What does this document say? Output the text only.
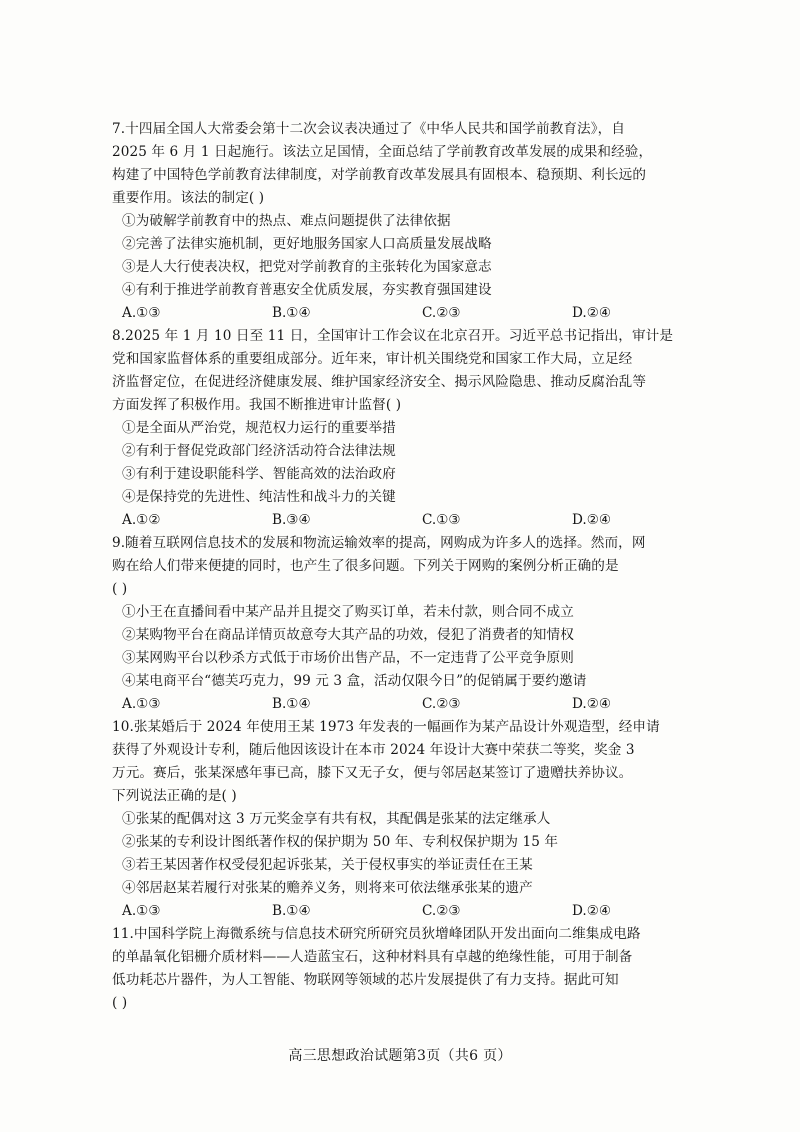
7.十四届全国人大常委会第十二次会议表决通过了《中华人民共和国学前教育法》，自
2025 年 6 月 1 日起施行。该法立足国情，全面总结了学前教育改革发展的成果和经验，
构建了中国特色学前教育法律制度，对学前教育改革发展具有固根本、稳预期、利长远的
重要作用。该法的制定( )
①为破解学前教育中的热点、难点问题提供了法律依据
②完善了法律实施机制，更好地服务国家人口高质量发展战略
③是人大行使表决权，把党对学前教育的主张转化为国家意志
④有利于推进学前教育普惠安全优质发展，夯实教育强国建设
A.①③	B.①④	C.②③	D.②④
8.2025 年 1 月 10 日至 11 日，全国审计工作会议在北京召开。习近平总书记指出，审计是
党和国家监督体系的重要组成部分。近年来，审计机关围绕党和国家工作大局，立足经
济监督定位，在促进经济健康发展、维护国家经济安全、揭示风险隐患、推动反腐治乱等
方面发挥了积极作用。我国不断推进审计监督( )
①是全面从严治党，规范权力运行的重要举措
②有利于督促党政部门经济活动符合法律法规
③有利于建设职能科学、智能高效的法治政府
④是保持党的先进性、纯洁性和战斗力的关键
A.①②	B.③④	C.①③	D.②④
9.随着互联网信息技术的发展和物流运输效率的提高，网购成为许多人的选择。然而，网
购在给人们带来便捷的同时，也产生了很多问题。下列关于网购的案例分析正确的是
( )
①小王在直播间看中某产品并且提交了购买订单，若未付款，则合同不成立
②某购物平台在商品详情页故意夸大其产品的功效，侵犯了消费者的知情权
③某网购平台以秒杀方式低于市场价出售产品，不一定违背了公平竞争原则
④某电商平台“德芙巧克力，99 元 3 盒，活动仅限今日”的促销属于要约邀请
A.①③	B.①④	C.②③	D.②④
10.张某婚后于 2024 年使用王某 1973 年发表的一幅画作为某产品设计外观造型，经申请
获得了外观设计专利，随后他因该设计在本市 2024 年设计大赛中荣获二等奖，奖金 3
万元。赛后，张某深感年事已高，膝下又无子女，便与邻居赵某签订了遗赠扶养协议。
下列说法正确的是( )
①张某的配偶对这 3 万元奖金享有共有权，其配偶是张某的法定继承人
②张某的专利设计图纸著作权的保护期为 50 年、专利权保护期为 15 年
③若王某因著作权受侵犯起诉张某，关于侵权事实的举证责任在王某
④邻居赵某若履行对张某的赡养义务，则将来可依法继承张某的遗产
A.①③	B.①④	C.②③	D.②④
11.中国科学院上海微系统与信息技术研究所研究员狄增峰团队开发出面向二维集成电路
的单晶氧化铝栅介质材料——人造蓝宝石，这种材料具有卓越的绝缘性能，可用于制备
低功耗芯片器件，为人工智能、物联网等领域的芯片发展提供了有力支持。据此可知
( )
高三思想政治试题第3页（共6 页）
